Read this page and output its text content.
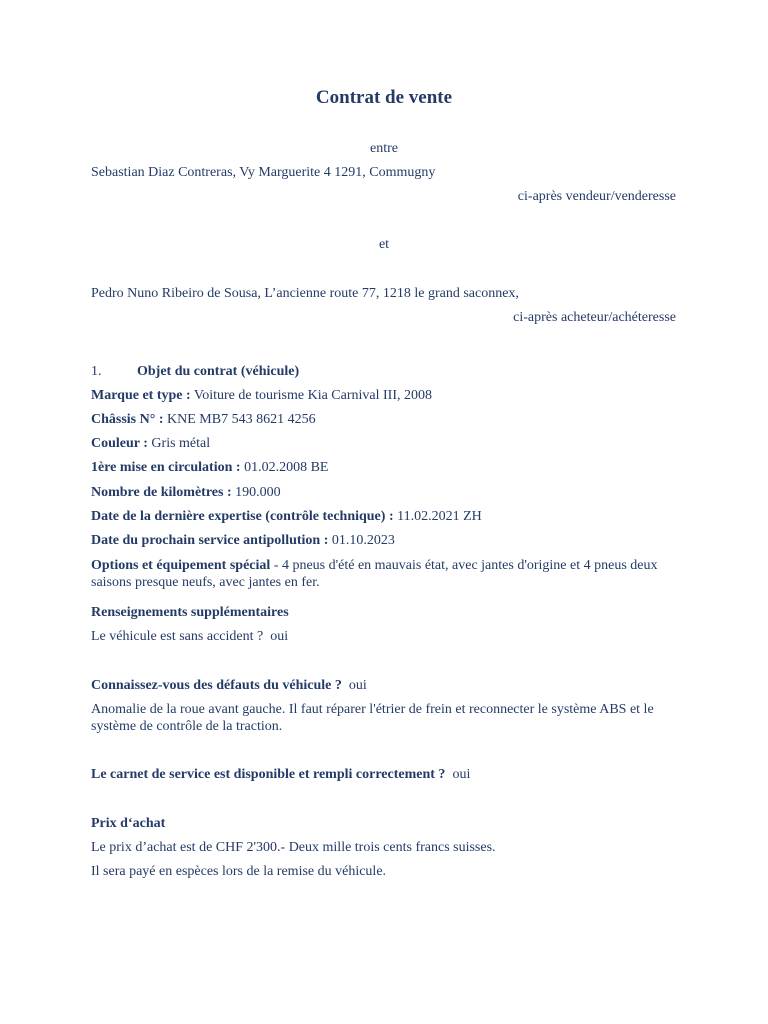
Contrat de vente
entre
Sebastian Diaz Contreras, Vy Marguerite 4 1291, Commugny
ci-après vendeur/venderesse
et
Pedro Nuno Ribeiro de Sousa, L’ancienne route 77, 1218 le grand saconnex,
ci-après acheteur/achéteresse
1.	Objet du contrat (véhicule)
Marque et type : Voiture de tourisme Kia Carnival III, 2008
Châssis N° : KNE MB7 543 8621 4256
Couleur : Gris métal
1ère mise en circulation : 01.02.2008 BE
Nombre de kilomètres : 190.000
Date de la dernière expertise (contrôle technique) : 11.02.2021 ZH
Date du prochain service antipollution : 01.10.2023
Options et équipement spécial - 4 pneus d'été en mauvais état, avec jantes d'origine et 4 pneus deux saisons presque neufs, avec jantes en fer.
Renseignements supplémentaires
Le véhicule est sans accident ? oui
Connaissez-vous des défauts du véhicule ? oui
Anomalie de la roue avant gauche. Il faut réparer l'étrier de frein et reconnecter le système ABS et le système de contrôle de la traction.
Le carnet de service est disponible et rempli correctement ? oui
Prix d‘achat
Le prix d’achat est de CHF 2'300.- Deux mille trois cents francs suisses.
Il sera payé en espèces lors de la remise du véhicule.
